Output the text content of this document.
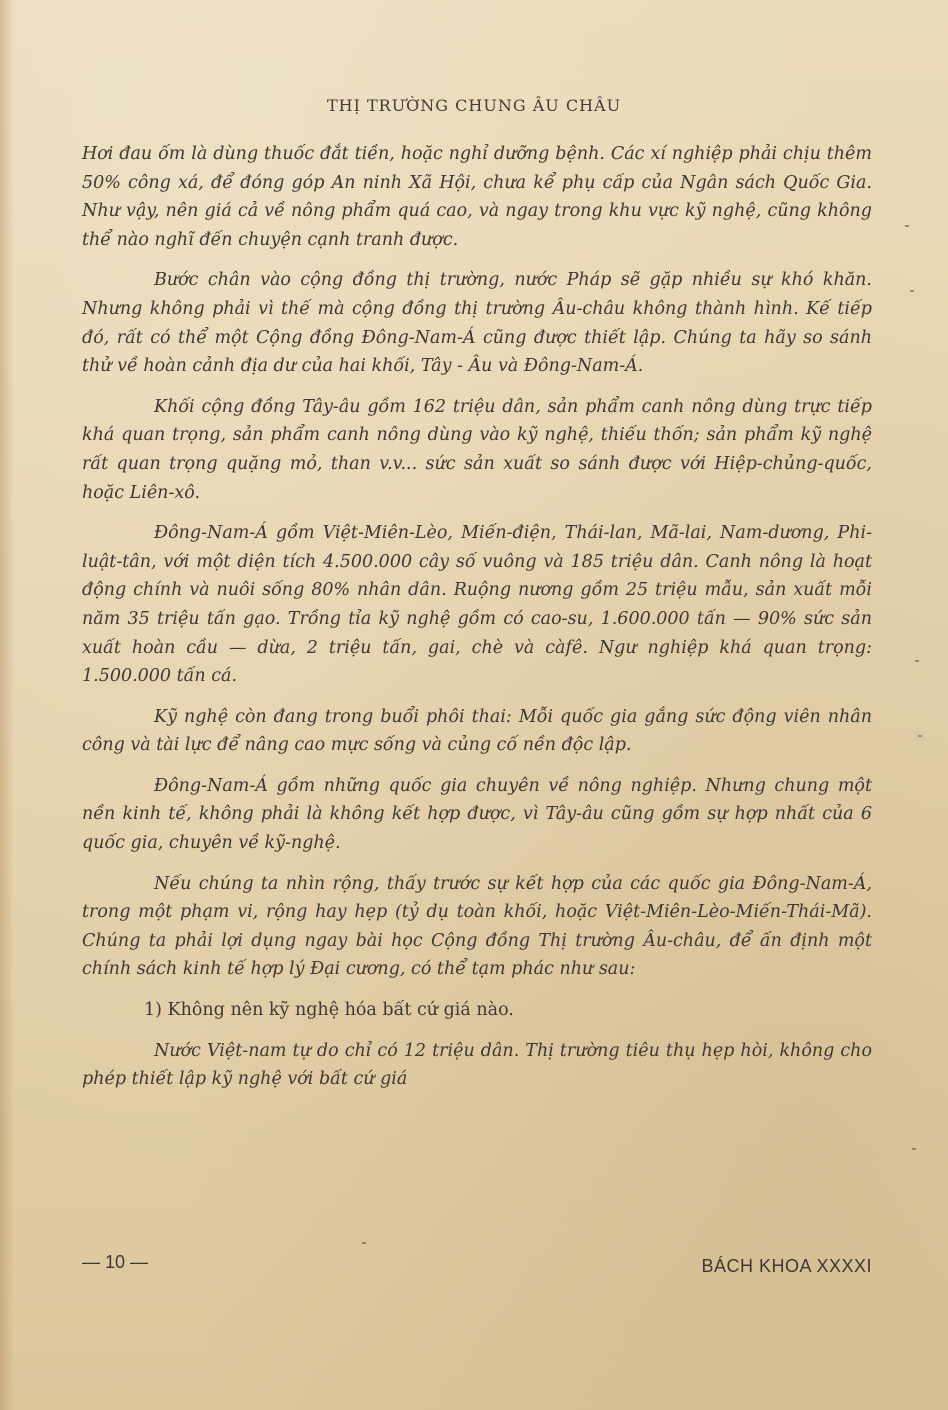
THỊ TRƯỜNG CHUNG ÂU CHÂU

Hơi đau ốm là dùng thuốc đắt tiền, hoặc nghỉ dưỡng bệnh. Các xí nghiệp phải chịu thêm 50% công xá, để đóng góp An ninh Xã Hội, chưa kể phụ cấp của Ngân sách Quốc Gia. Như vậy, nên giá cả về nông phẩm quá cao, và ngay trong khu vực kỹ nghệ, cũng không thể nào nghĩ đến chuyện cạnh tranh được.

Bước chân vào cộng đồng thị trường, nước Pháp sẽ gặp nhiều sự khó khăn. Nhưng không phải vì thế mà cộng đồng thị trường Âu-châu không thành hình. Kế tiếp đó, rất có thể một Cộng đồng Đông-Nam-Á cũng được thiết lập. Chúng ta hãy so sánh thử về hoàn cảnh địa dư của hai khối, Tây - Âu và Đông-Nam-Á.

Khối cộng đồng Tây-âu gồm 162 triệu dân, sản phẩm canh nông dùng trực tiếp khá quan trọng, sản phẩm canh nông dùng vào kỹ nghệ, thiếu thốn; sản phẩm kỹ nghệ rất quan trọng quặng mỏ, than v.v... sức sản xuất so sánh được với Hiệp-chủng-quốc, hoặc Liên-xô.

Đông-Nam-Á gồm Việt-Miên-Lèo, Miến-điện, Thái-lan, Mã-lai, Nam-dương, Phi-luật-tân, với một diện tích 4.500.000 cây số vuông và 185 triệu dân. Canh nông là hoạt động chính và nuôi sống 80% nhân dân. Ruộng nương gồm 25 triệu mẫu, sản xuất mỗi năm 35 triệu tấn gạo. Trồng tỉa kỹ nghệ gồm có cao-su, 1.600.000 tấn — 90% sức sản xuất hoàn cầu — dừa, 2 triệu tấn, gai, chè và càfê. Ngư nghiệp khá quan trọng: 1.500.000 tấn cá.

Kỹ nghệ còn đang trong buổi phôi thai: Mỗi quốc gia gắng sức động viên nhân công và tài lực để nâng cao mực sống và củng cố nền độc lập.

Đông-Nam-Á gồm những quốc gia chuyên về nông nghiệp. Nhưng chung một nền kinh tế, không phải là không kết hợp được, vì Tây-âu cũng gồm sự hợp nhất của 6 quốc gia, chuyên về kỹ-nghệ.

Nếu chúng ta nhìn rộng, thấy trước sự kết hợp của các quốc gia Đông-Nam-Á, trong một phạm vi, rộng hay hẹp (tỷ dụ toàn khối, hoặc Việt-Miên-Lèo-Miến-Thái-Mã). Chúng ta phải lợi dụng ngay bài học Cộng đồng Thị trường Âu-châu, để ấn định một chính sách kinh tế hợp lý Đại cương, có thể tạm phác như sau:

1) Không nên kỹ nghệ hóa bất cứ giá nào.

Nước Việt-nam tự do chỉ có 12 triệu dân. Thị trường tiêu thụ hẹp hòi, không cho phép thiết lập kỹ nghệ với bất cứ giá

— 10 —	BÁCH KHOA XXXXI
